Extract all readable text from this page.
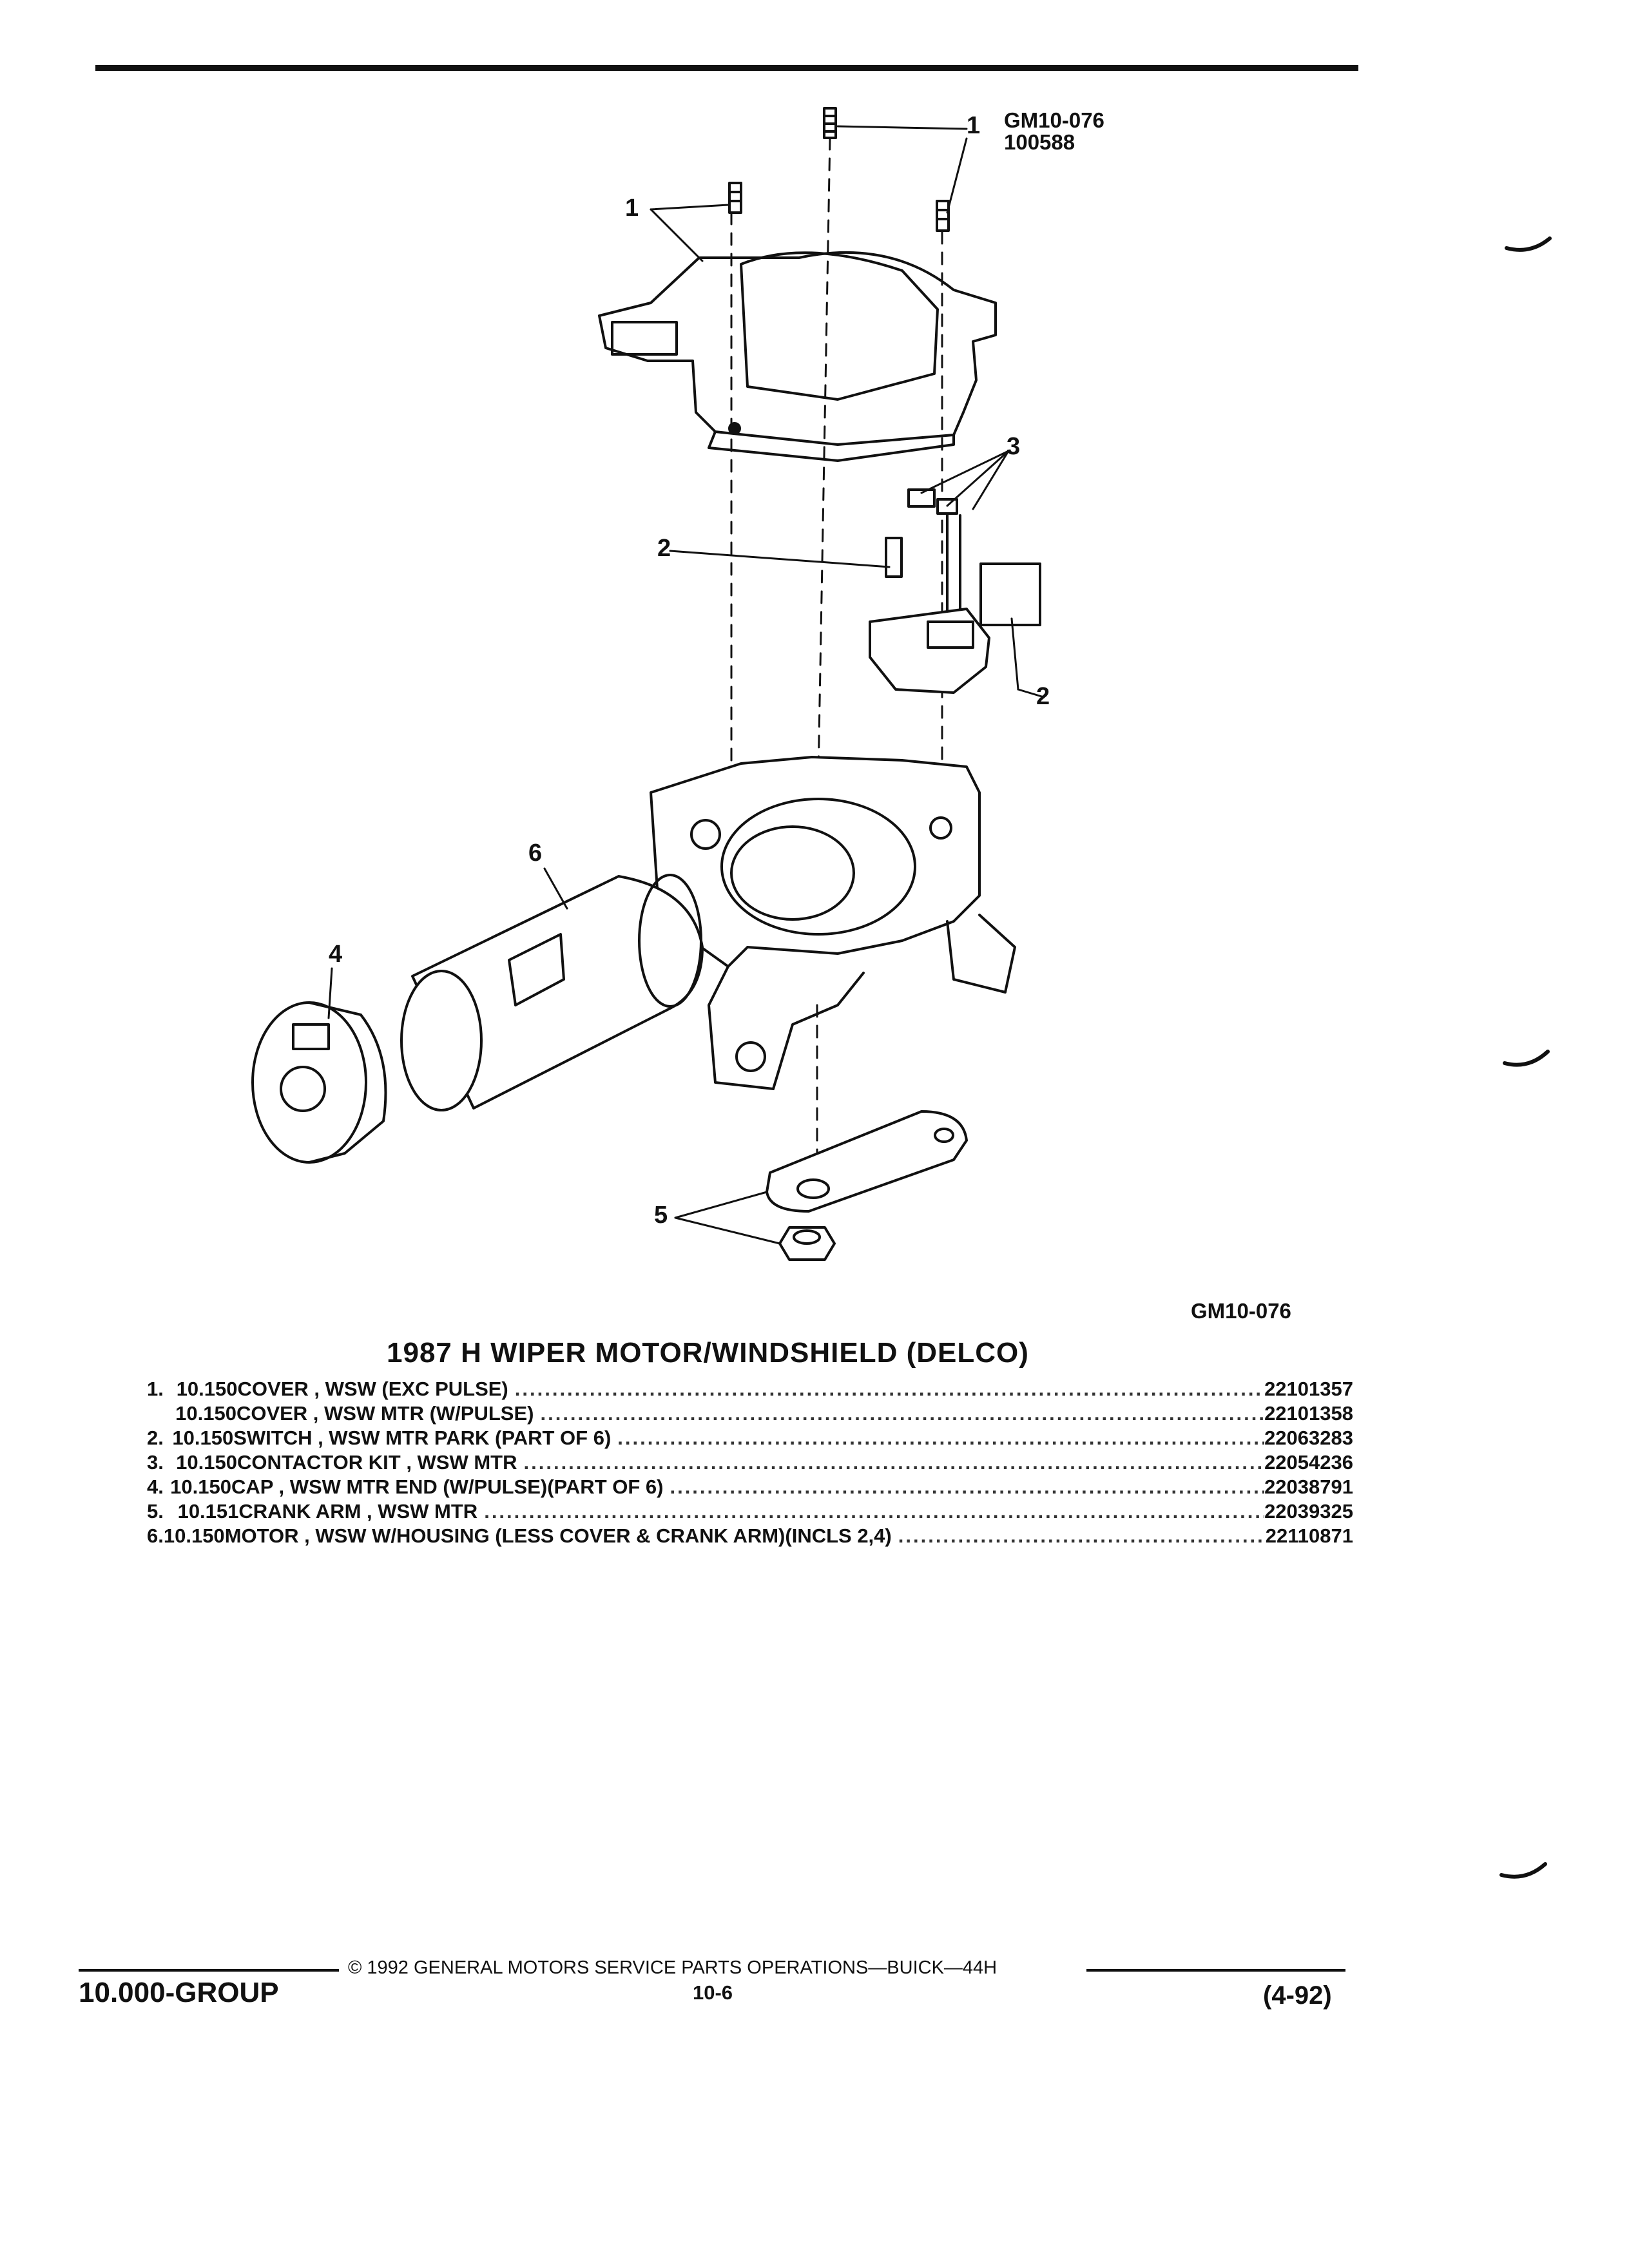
GM10-076
100588
GM10-076
1
1
2
3
2
6
4
5
1987 H WIPER MOTOR/WINDSHIELD (DELCO)
1. 10.150 COVER , WSW (EXC PULSE) .....	22101357
10.150 COVER , WSW MTR (W/PULSE) .....	22101358
2. 10.150 SWITCH , WSW MTR PARK (PART OF 6) .....	22063283
3. 10.150 CONTACTOR KIT , WSW MTR .....	22054236
4. 10.150 CAP , WSW MTR END (W/PULSE)(PART OF 6) .....	22038791
5. 10.151 CRANK ARM , WSW MTR .....	22039325
6. 10.150 MOTOR , WSW W/HOUSING (LESS COVER & CRANK ARM)(INCLS 2,4) .....	22110871
© 1992 GENERAL MOTORS SERVICE PARTS OPERATIONS—BUICK—44H
10.000-GROUP	10-6	(4-92)
